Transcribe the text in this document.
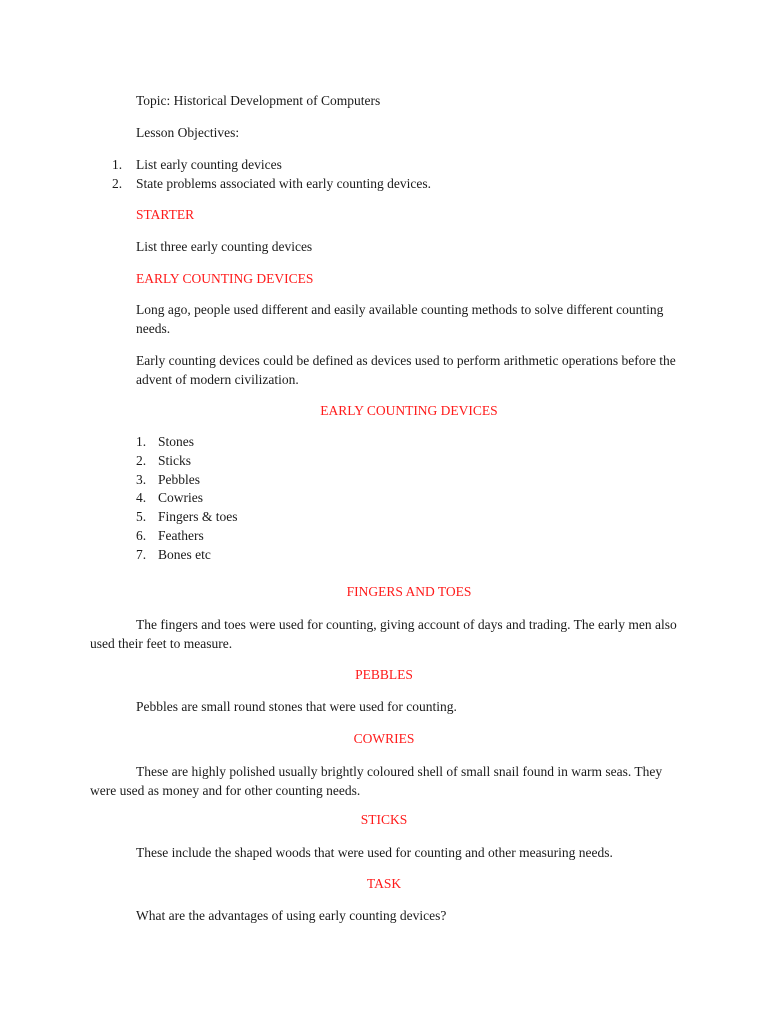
Topic: Historical Development of Computers

Lesson Objectives:

1. List early counting devices
2. State problems associated with early counting devices.

STARTER

List three early counting devices

EARLY COUNTING DEVICES

Long ago, people used different and easily available counting methods to solve different counting needs.

Early counting devices could be defined as devices used to perform arithmetic operations before the advent of modern civilization.

EARLY COUNTING DEVICES

1. Stones
2. Sticks
3. Pebbles
4. Cowries
5. Fingers & toes
6. Feathers
7. Bones etc

FINGERS AND TOES

The fingers and toes were used for counting, giving account of days and trading. The early men also used their feet to measure.

PEBBLES

Pebbles are small round stones that were used for counting.

COWRIES

These are highly polished usually brightly coloured shell of small snail found in warm seas. They were used as money and for other counting needs.

STICKS

These include the shaped woods that were used for counting and other measuring needs.

TASK

What are the advantages of using early counting devices?
